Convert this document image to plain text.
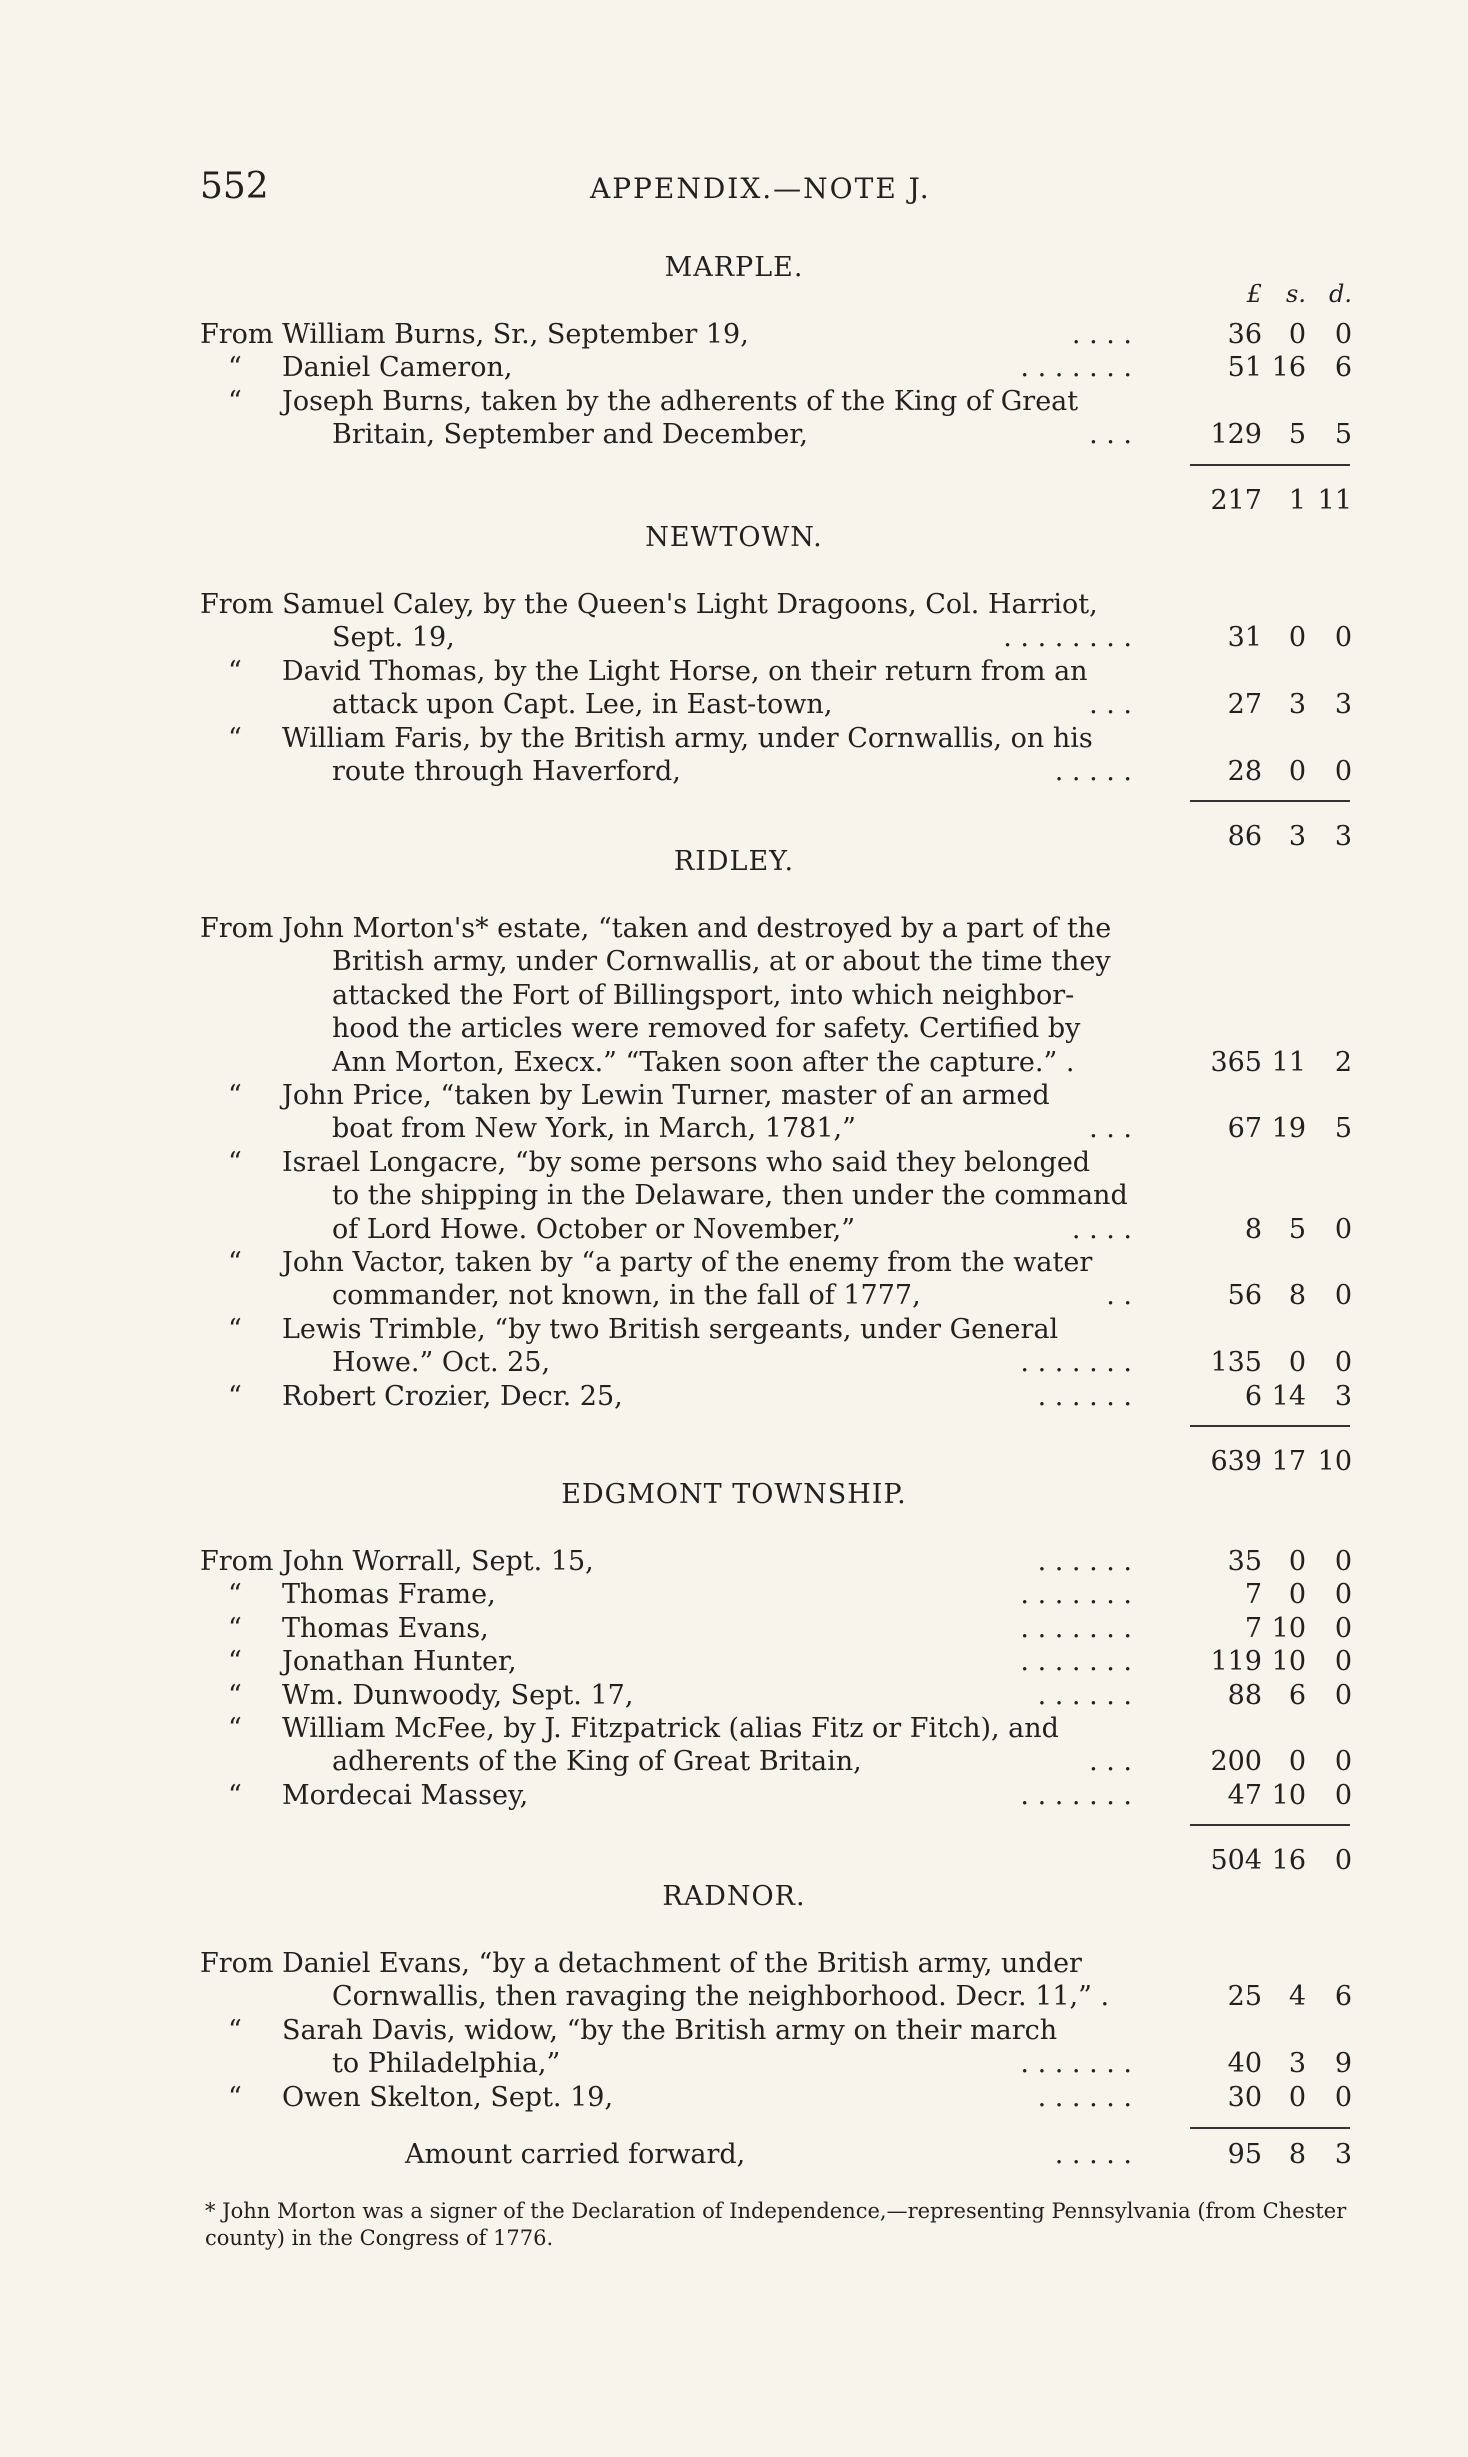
552	APPENDIX.—NOTE J.
£	s. d.
MARPLE.
From William Burns, Sr., September 19,	. . . .	36 0	0
“ Daniel Cameron,	. . . . . . .	51 16	6
“ Joseph Burns, taken by the adherents of the King of Great
Britain, September and December,	. . .	129 5	5
217 1 11
NEWTOWN.
From Samuel Caley, by the Queen's Light Dragoons, Col. Harriot,
Sept. 19,	. . . . . . . .	31 0	0
“ David Thomas, by the Light Horse, on their return from an
attack upon Capt. Lee, in East-town,	. . .	27 3	3
“ William Faris, by the British army, under Cornwallis, on his
route through Haverford,	. . . . .	28 0	0
86 3	3
RIDLEY.
From John Morton's* estate, “taken and destroyed by a part of the
British army, under Cornwallis, at or about the time they
attacked the Fort of Billingsport, into which neighbor-
hood the articles were removed for safety. Certified by
Ann Morton, Execx.” “Taken soon after the capture.” .	365 11	2
“ John Price, “taken by Lewin Turner, master of an armed
boat from New York, in March, 1781,”	. . .	67 19	5
“ Israel Longacre, “by some persons who said they belonged
to the shipping in the Delaware, then under the command
of Lord Howe. October or November,”	. . . .	8 5	0
“ John Vactor, taken by “a party of the enemy from the water
commander, not known, in the fall of 1777,	. .	56 8	0
“ Lewis Trimble, “by two British sergeants, under General
Howe.” Oct. 25,	. . . . . . .	135 0	0
“ Robert Crozier, Decr. 25,	. . . . . .	6 14	3
639 17 10
EDGMONT TOWNSHIP.
From John Worrall, Sept. 15,	. . . . . .	35 0	0
“ Thomas Frame,	. . . . . . .	7 0	0
“ Thomas Evans,	. . . . . . .	7 10	0
“ Jonathan Hunter,	. . . . . . .	119 10	0
“ Wm. Dunwoody, Sept. 17,	. . . . . .	88 6	0
“ William McFee, by J. Fitzpatrick (alias Fitz or Fitch), and
adherents of the King of Great Britain,	. . .	200 0	0
“ Mordecai Massey,	. . . . . . .	47 10	0
504 16	0
RADNOR.
From Daniel Evans, “by a detachment of the British army, under
Cornwallis, then ravaging the neighborhood. Decr. 11,” .	25 4	6
“ Sarah Davis, widow, “by the British army on their march
to Philadelphia,”	. . . . . . .	40 3	9
“ Owen Skelton, Sept. 19,	. . . . . .	30 0	0
Amount carried forward,	. . . . .	95 8	3
* John Morton was a signer of the Declaration of Independence,—representing Pennsylvania (from Chester county) in the Congress of 1776.
